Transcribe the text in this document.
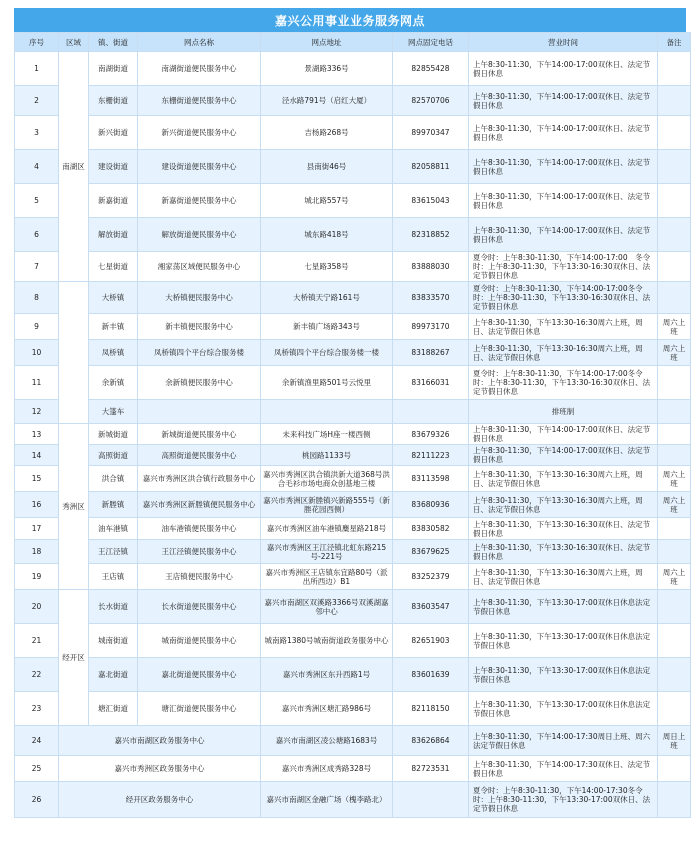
嘉兴公用事业业务服务网点
序号	区域	镇、街道	网点名称	网点地址	网点固定电话	营业时间	备注
1	南湖区	南湖街道	南湖街道便民服务中心	景湖路336号	82855428	上午8:30-11:30，下午14:00-17:00双休日、法定节假日休息	
2		东栅街道	东栅街道便民服务中心	泾水路791号（启红大厦）	82570706	上午8:30-11:30，下午14:00-17:00双休日、法定节假日休息	
3		新兴街道	新兴街道便民服务中心	吉杨路268号	89970347	上午8:30-11:30，下午14:00-17:00双休日、法定节假日休息	
4		建设街道	建设街道便民服务中心	县南街46号	82058811	上午8:30-11:30，下午14:00-17:00双休日、法定节假日休息	
5		新嘉街道	新嘉街道便民服务中心	城北路557号	83615043	上午8:30-11:30，下午14:00-17:00双休日、法定节假日休息	
6		解放街道	解放街道便民服务中心	城东路418号	82318852	上午8:30-11:30，下午14:00-17:00双休日、法定节假日休息	
7		七星街道	湘家荡区域便民服务中心	七星路358号	83888030	夏令时：上午8:30-11:30，下午14:00-17:00　冬令时：上午8:30-11:30，下午13:30-16:30双休日、法定节假日休息	
8		大桥镇	大桥镇便民服务中心	大桥镇天宁路161号	83833570	夏令时：上午8:30-11:30，下午14:00-17:00冬令时：上午8:30-11:30，下午13:30-16:30双休日、法定节假日休息	
9		新丰镇	新丰镇便民服务中心	新丰镇广场路343号	89973170	上午8:30-11:30，下午13:30-16:30周六上班，周日、法定节假日休息	周六上班
10		凤桥镇	凤桥镇四个平台综合服务楼	凤桥镇四个平台综合服务楼一楼	83188267	上午8:30-11:30，下午13:30-16:30周六上班，周日、法定节假日休息	周六上班
11		余新镇	余新镇便民服务中心	余新镇渔里路501号云悦里	83166031	夏令时：上午8:30-11:30，下午14:00-17:00冬令时：上午8:30-11:30，下午13:30-16:30双休日、法定节假日休息	
12		大篷车				排班制	
13	秀洲区	新城街道	新城街道便民服务中心	未来科技广场H座一楼西侧	83679326	上午8:30-11:30，下午14:00-17:00双休日、法定节假日休息	
14		高照街道	高照街道便民服务中心	桃园路1133号	82111223	上午8:30-11:30，下午14:00-17:00双休日、法定节假日休息	
15		洪合镇	嘉兴市秀洲区洪合镇行政服务中心	嘉兴市秀洲区洪合镇洪新大道368号洪合毛衫市场电商众创基地三楼	83113598	上午8:30-11:30，下午13:30-16:30周六上班，周日、法定节假日休息	周六上班
16		新塍镇	嘉兴市秀洲区新塍镇便民服务中心	嘉兴市秀洲区新塍镇兴新路555号（新塍花园西侧）	83680936	上午8:30-11:30，下午13:30-16:30周六上班，周日、法定节假日休息	周六上班
17		油车港镇	油车港镇便民服务中心	嘉兴市秀洲区油车港镇麋星路218号	83830582	上午8:30-11:30，下午13:30-16:30双休日、法定节假日休息	
18		王江泾镇	王江泾镇便民服务中心	嘉兴市秀洲区王江泾镇北虹东路215号-221号	83679625	上午8:30-11:30，下午13:30-16:30双休日、法定节假日休息	
19		王店镇	王店镇便民服务中心	嘉兴市秀洲区王店镇东宜路80号（派出所西边）B1	83252379	上午8:30-11:30，下午13:30-16:30周六上班，周日、法定节假日休息	周六上班
20	经开区	长水街道	长水街道便民服务中心	嘉兴市南湖区双溪路3366号双溪湖嘉邻中心	83603547	上午8:30-11:30，下午13:30-17:00双休日休息法定节假日休息	
21		城南街道	城南街道便民服务中心	城南路1380号城南街道政务服务中心	82651903	上午8:30-11:30，下午13:30-17:00双休日休息法定节假日休息	
22		嘉北街道	嘉北街道便民服务中心	嘉兴市秀洲区东升西路1号	83601639	上午8:30-11:30，下午13:30-17:00双休日休息法定节假日休息	
23		塘汇街道	塘汇街道便民服务中心	嘉兴市秀洲区塘汇路986号	82118150	上午8:30-11:30，下午13:30-17:00双休日休息法定节假日休息	
24	嘉兴市南湖区政务服务中心			嘉兴市南湖区凌公塘路1683号	83626864	上午8:30-11:30，下午14:00-17:30周日上班、周六法定节假日休息	周日上班
25	嘉兴市秀洲区政务服务中心			嘉兴市秀洲区成秀路328号	82723531	上午8:30-11:30，下午14:00-17:30双休日、法定节假日休息	
26	经开区政务服务中心			嘉兴市南湖区金融广场（槐李路北）		夏令时：上午8:30-11:30，下午14:00-17:30冬令时：上午8:30-11:30，下午13:30-17:00双休日、法定节假日休息	
